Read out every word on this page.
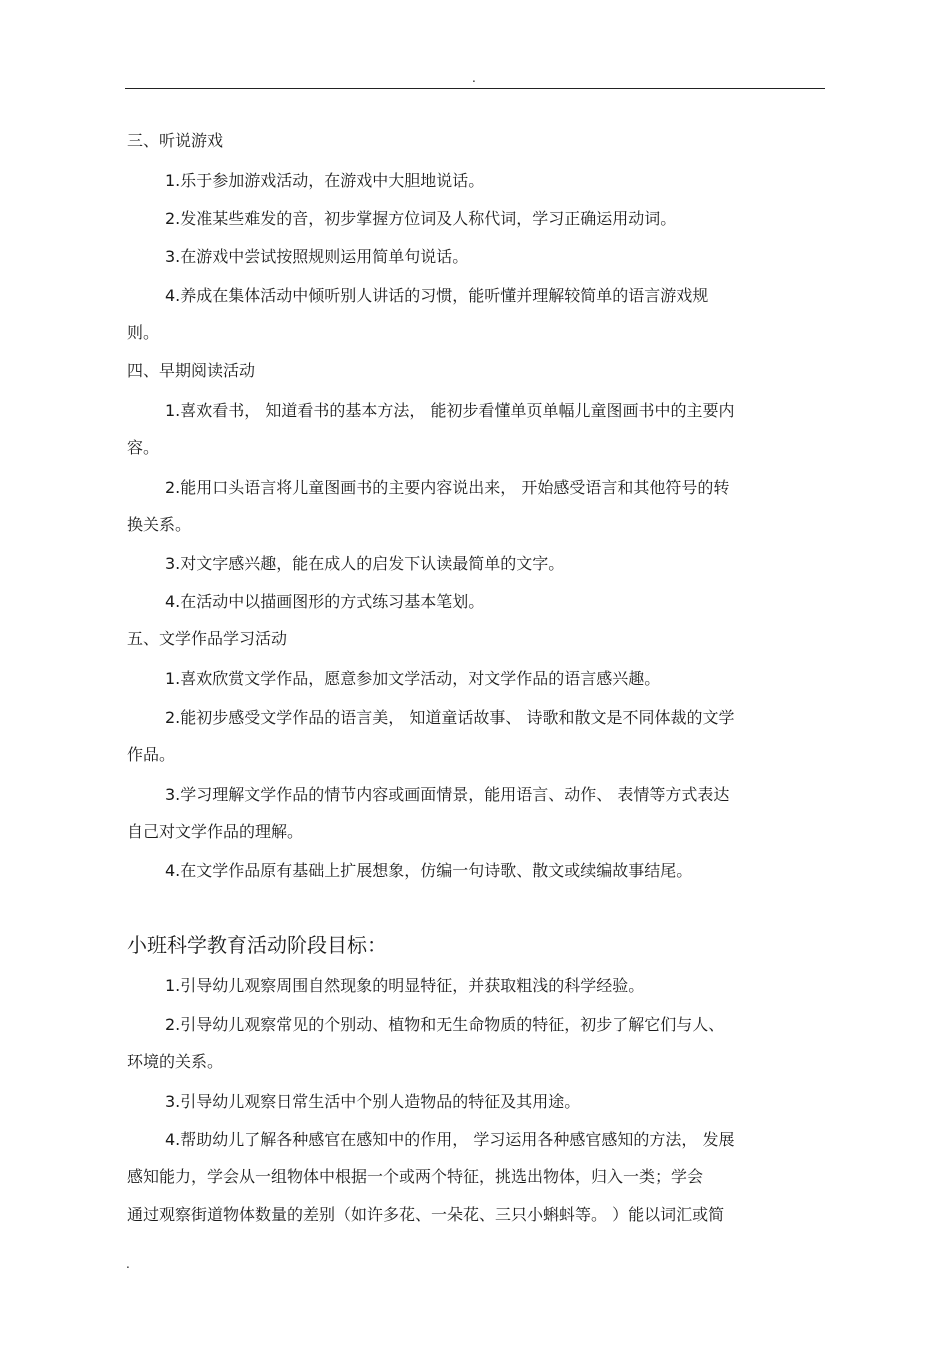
.
三、听说游戏
1.乐于参加游戏活动，在游戏中大胆地说话。
2.发准某些难发的音，初步掌握方位词及人称代词，学习正确运用动词。
3.在游戏中尝试按照规则运用简单句说话。
4.养成在集体活动中倾听别人讲话的习惯，能听懂并理解较简单的语言游戏规
则。
四、早期阅读活动
1.喜欢看书， 知道看书的基本方法， 能初步看懂单页单幅儿童图画书中的主要内
容。
2.能用口头语言将儿童图画书的主要内容说出来， 开始感受语言和其他符号的转
换关系。
3.对文字感兴趣，能在成人的启发下认读最简单的文字。
4.在活动中以描画图形的方式练习基本笔划。
五、文学作品学习活动
1.喜欢欣赏文学作品，愿意参加文学活动，对文学作品的语言感兴趣。
2.能初步感受文学作品的语言美， 知道童话故事、 诗歌和散文是不同体裁的文学
作品。
3.学习理解文学作品的情节内容或画面情景，能用语言、动作、 表情等方式表达
自己对文学作品的理解。
4.在文学作品原有基础上扩展想象，仿编一句诗歌、散文或续编故事结尾。
小班科学教育活动阶段目标：
1.引导幼儿观察周围自然现象的明显特征，并获取粗浅的科学经验。
2.引导幼儿观察常见的个别动、植物和无生命物质的特征，初步了解它们与人、
环境的关系。
3.引导幼儿观察日常生活中个别人造物品的特征及其用途。
4.帮助幼儿了解各种感官在感知中的作用， 学习运用各种感官感知的方法， 发展
感知能力，学会从一组物体中根据一个或两个特征，挑选出物体，归入一类；学会
通过观察街道物体数量的差别（如许多花、一朵花、三只小蝌蚪等。 ）能以词汇或简
.
